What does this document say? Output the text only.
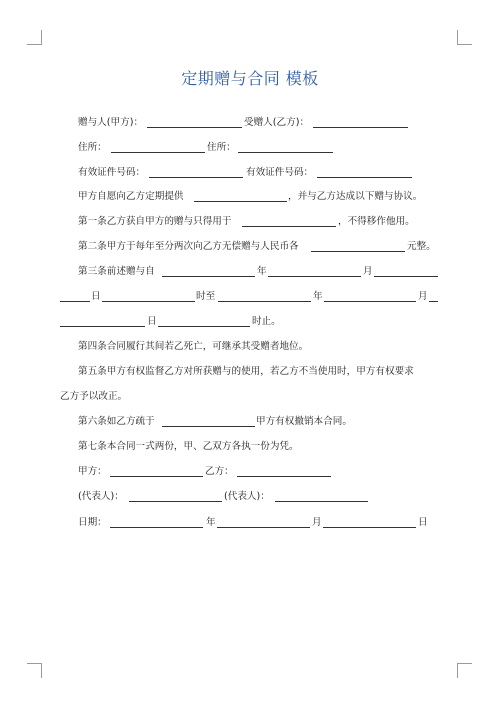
定期赠与合同 模板
赠与人(甲方)：	受赠人(乙方)：
住所：	住所：
有效证件号码：	有效证件号码：
甲方自愿向乙方定期提供	，并与乙方达成以下赠与协议。
第一条乙方获自甲方的赠与只得用于	，不得移作他用。
第二条甲方于每年至分两次向乙方无偿赠与人民币各	元整。
第三条前述赠与自	年	月
日	时至	年	月
日	时止。
第四条合同履行其间若乙死亡，可继承其受赠者地位。
第五条甲方有权监督乙方对所获赠与的使用，若乙方不当使用时，甲方有权要求
乙方予以改正。
第六条如乙方疏于	甲方有权撤销本合同。
第七条本合同一式两份，甲、乙双方各执一份为凭。
甲方：	乙方：
(代表人)：	(代表人)：
日期：	年	月	日
